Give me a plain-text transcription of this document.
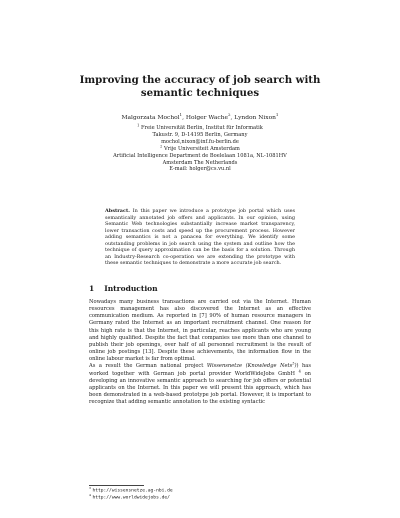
Improving the accuracy of job search with
semantic techniques
Malgorzata Mochol$^1$, Holger Wache$^2$, Lyndon Nixon$^1$
$^1$ Freie Universität Berlin, Institut für Informatik
Takustr. 9, D-14195 Berlin, Germany
mochol,nixon@inf.fu-berlin.de
$^2$ Vrije Universiteit Amsterdam
Artificial Intelligence Department de Boelelaan 1081a, NL-1081HV
Amsterdam The Netherlands
E-mail: holger@cs.vu.nl
Abstract. In this paper we introduce a prototype job portal which uses semantically annotated job offers and applicants. In our opinion, using Semantic Web technologies substantially increase market transparency, lower transaction costs and speed up the procurement process. However adding semantics is not a panacea for everything. We identify some outstanding problems in job search using the system and outline how the technique of query approximation can be the basis for a solution. Through an Industry-Research co-operation we are extending the prototype with these semantic techniques to demonstrate a more accurate job search.
1 Introduction

Nowadays many business transactions are carried out via the Internet. Human resources management has also discovered the Internet as an effective communication medium. As reported in [7] 90% of human resource managers in Germany rated the Internet as an important recruitment channel. One reason for this high rate is that the Internet, in particular, reaches applicants who are young and highly qualified. Despite the fact that companies use more than one channel to publish their job openings, over half of all personnel recruitment is the result of online job postings [13]. Despite these achievements, the information flow in the online labour market is far from optimal.

As a result the German national project Wissensnetze (Knowledge Nets$^3$)) has worked together with German job portal provider WorldWideJobs GmbH $^4$ on developing an innovative semantic approach to searching for job offers or potential applicants on the Internet. In this paper we will present this approach, which has been demonstrated in a web-based prototype job portal. However, it is important to recognize that adding semantic annotation to the existing syntactic

$^3$ http://wissensnetze.ag-nbi.de
$^4$ http://www.worldwidejobs.de/
